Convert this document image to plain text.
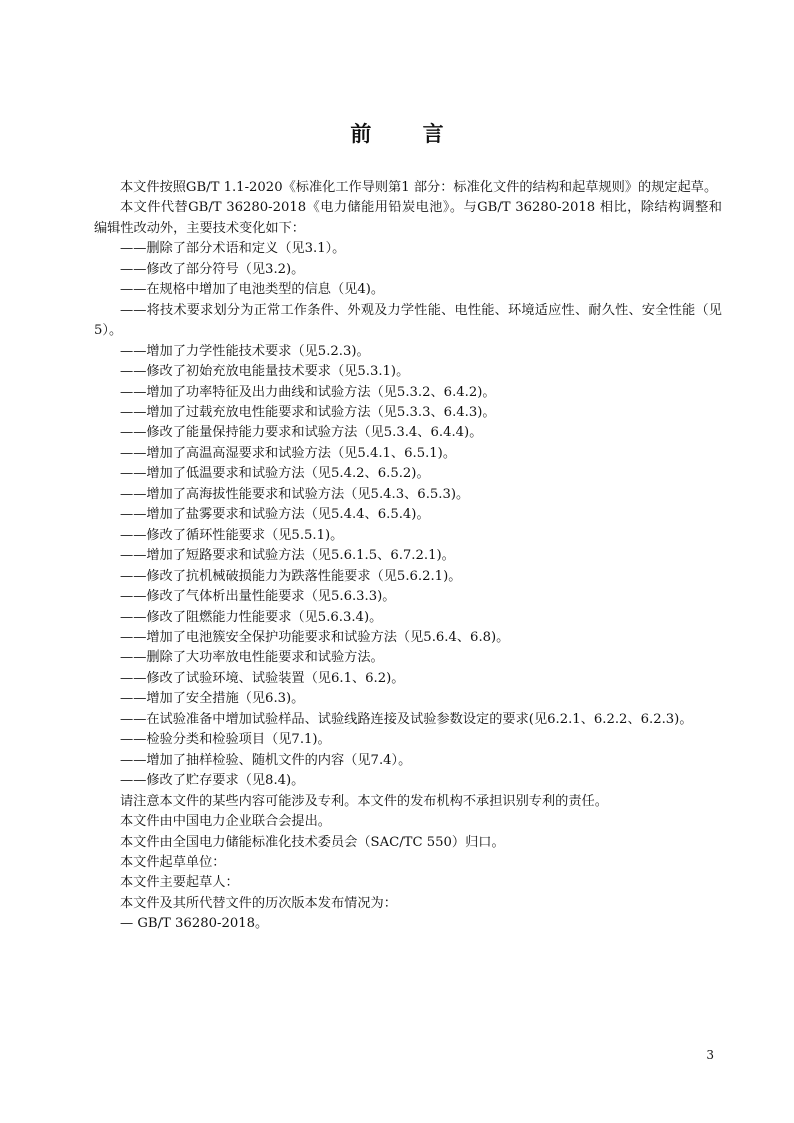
前 言

本文件按照GB/T 1.1-2020《标准化工作导则第1 部分：标准化文件的结构和起草规则》的规定起草。

本文件代替GB/T 36280-2018《电力储能用铅炭电池》。与GB/T 36280-2018 相比，除结构调整和编辑性改动外，主要技术变化如下：

——删除了部分术语和定义（见3.1）。

——修改了部分符号（见3.2)。

——在规格中增加了电池类型的信息（见4)。

——将技术要求划分为正常工作条件、外观及力学性能、电性能、环境适应性、耐久性、安全性能（见5）。

——增加了力学性能技术要求（见5.2.3)。

——修改了初始充放电能量技术要求（见5.3.1)。

——增加了功率特征及出力曲线和试验方法（见5.3.2、6.4.2)。

——增加了过载充放电性能要求和试验方法（见5.3.3、6.4.3)。

——修改了能量保持能力要求和试验方法（见5.3.4、6.4.4)。

——增加了高温高湿要求和试验方法（见5.4.1、6.5.1)。

——增加了低温要求和试验方法（见5.4.2、6.5.2)。

——增加了高海拔性能要求和试验方法（见5.4.3、6.5.3)。

——增加了盐雾要求和试验方法（见5.4.4、6.5.4)。

——修改了循环性能要求（见5.5.1)。

——增加了短路要求和试验方法（见5.6.1.5、6.7.2.1)。

——修改了抗机械破损能力为跌落性能要求（见5.6.2.1)。

——修改了气体析出量性能要求（见5.6.3.3)。

——修改了阻燃能力性能要求（见5.6.3.4)。

——增加了电池簇安全保护功能要求和试验方法（见5.6.4、6.8)。

——删除了大功率放电性能要求和试验方法。

——修改了试验环境、试验装置（见6.1、6.2)。

——增加了安全措施（见6.3)。

——在试验准备中增加试验样品、试验线路连接及试验参数设定的要求(见6.2.1、6.2.2、6.2.3)。

——检验分类和检验项目（见7.1)。

——增加了抽样检验、随机文件的内容（见7.4）。

——修改了贮存要求（见8.4)。

请注意本文件的某些内容可能涉及专利。本文件的发布机构不承担识别专利的责任。

本文件由中国电力企业联合会提出。

本文件由全国电力储能标准化技术委员会（SAC/TC 550）归口。

本文件起草单位：

本文件主要起草人：

本文件及其所代替文件的历次版本发布情况为：

— GB/T 36280-2018。

3
